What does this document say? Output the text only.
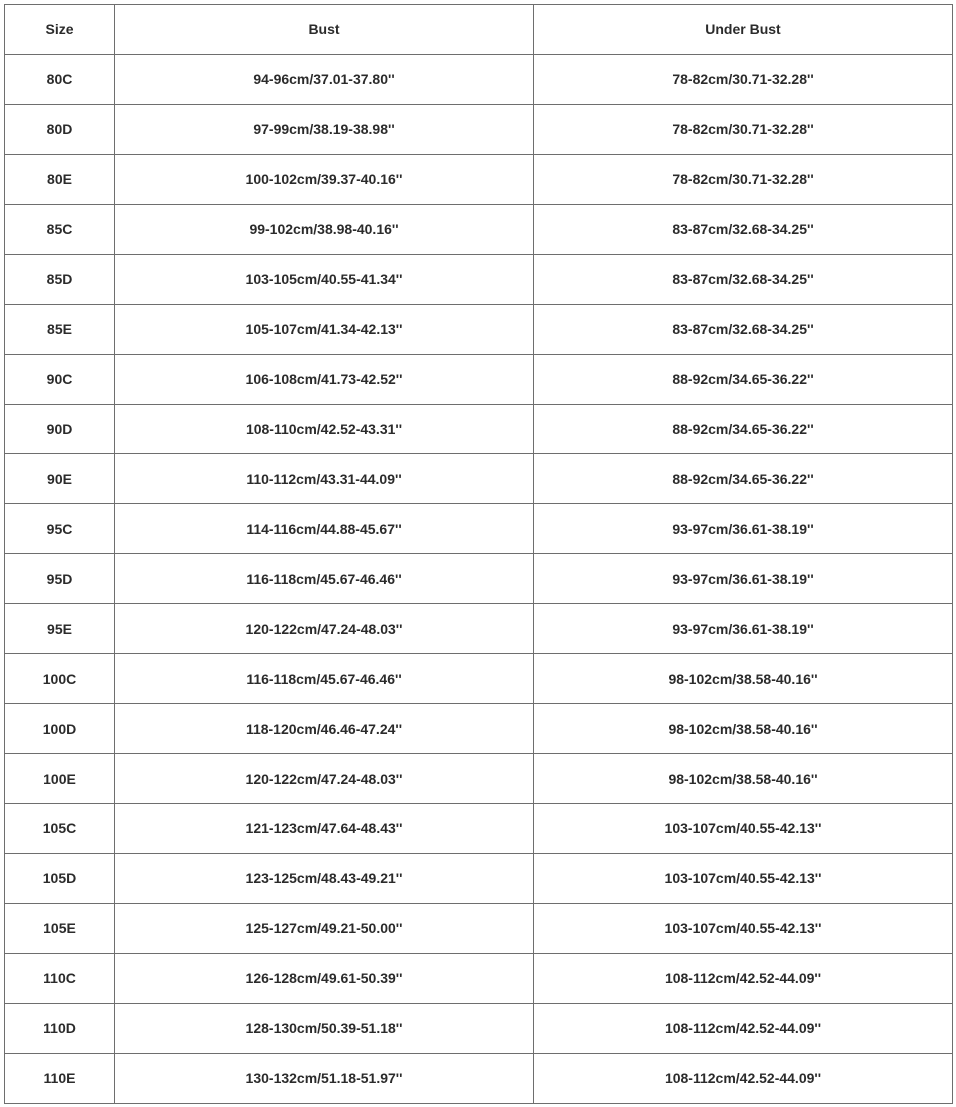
Size	Bust	Under Bust
80C	94-96cm/37.01-37.80''	78-82cm/30.71-32.28''
80D	97-99cm/38.19-38.98''	78-82cm/30.71-32.28''
80E	100-102cm/39.37-40.16''	78-82cm/30.71-32.28''
85C	99-102cm/38.98-40.16''	83-87cm/32.68-34.25''
85D	103-105cm/40.55-41.34''	83-87cm/32.68-34.25''
85E	105-107cm/41.34-42.13''	83-87cm/32.68-34.25''
90C	106-108cm/41.73-42.52''	88-92cm/34.65-36.22''
90D	108-110cm/42.52-43.31''	88-92cm/34.65-36.22''
90E	110-112cm/43.31-44.09''	88-92cm/34.65-36.22''
95C	114-116cm/44.88-45.67''	93-97cm/36.61-38.19''
95D	116-118cm/45.67-46.46''	93-97cm/36.61-38.19''
95E	120-122cm/47.24-48.03''	93-97cm/36.61-38.19''
100C	116-118cm/45.67-46.46''	98-102cm/38.58-40.16''
100D	118-120cm/46.46-47.24''	98-102cm/38.58-40.16''
100E	120-122cm/47.24-48.03''	98-102cm/38.58-40.16''
105C	121-123cm/47.64-48.43''	103-107cm/40.55-42.13''
105D	123-125cm/48.43-49.21''	103-107cm/40.55-42.13''
105E	125-127cm/49.21-50.00''	103-107cm/40.55-42.13''
110C	126-128cm/49.61-50.39''	108-112cm/42.52-44.09''
110D	128-130cm/50.39-51.18''	108-112cm/42.52-44.09''
110E	130-132cm/51.18-51.97''	108-112cm/42.52-44.09''
